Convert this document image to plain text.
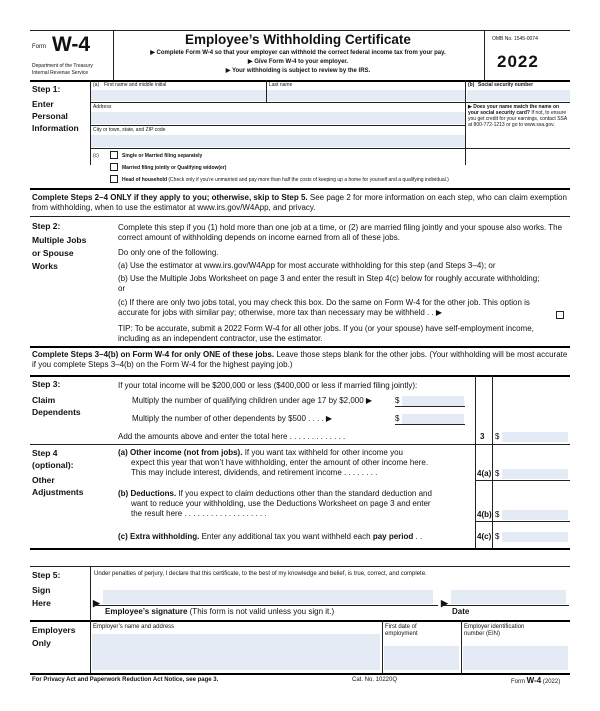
Form W-4
Department of the Treasury
Internal Revenue Service
Employee’s Withholding Certificate
▶ Complete Form W-4 so that your employer can withhold the correct federal income tax from your pay.
▶ Give Form W-4 to your employer.
▶ Your withholding is subject to review by the IRS.
OMB No. 1545-0074
2022
Step 1:
Enter
Personal
Information
(a) First name and middle initial	Last name	(b) Social security number
Address
City or town, state, and ZIP code
▶ Does your name match the name on your social security card? If not, to ensure you get credit for your earnings, contact SSA at 800-772-1213 or go to www.ssa.gov.
(c)	Single or Married filing separately
Married filing jointly or Qualifying widow(er)
Head of household (Check only if you’re unmarried and pay more than half the costs of keeping up a home for yourself and a qualifying individual.)
Complete Steps 2–4 ONLY if they apply to you; otherwise, skip to Step 5. See page 2 for more information on each step, who can claim exemption from withholding, when to use the estimator at www.irs.gov/W4App, and privacy.
Step 2:
Multiple Jobs
or Spouse
Works
Complete this step if you (1) hold more than one job at a time, or (2) are married filing jointly and your spouse also works. The correct amount of withholding depends on income earned from all of these jobs.
Do only one of the following.
(a) Use the estimator at www.irs.gov/W4App for most accurate withholding for this step (and Steps 3–4); or
(b) Use the Multiple Jobs Worksheet on page 3 and enter the result in Step 4(c) below for roughly accurate withholding; or
(c) If there are only two jobs total, you may check this box. Do the same on Form W-4 for the other job. This option is accurate for jobs with similar pay; otherwise, more tax than necessary may be withheld . . ▶
TIP: To be accurate, submit a 2022 Form W-4 for all other jobs. If you (or your spouse) have self-employment income, including as an independent contractor, use the estimator.
Complete Steps 3–4(b) on Form W-4 for only ONE of these jobs. Leave those steps blank for the other jobs. (Your withholding will be most accurate if you complete Steps 3–4(b) on the Form W-4 for the highest paying job.)
Step 3:
Claim
Dependents
If your total income will be $200,000 or less ($400,000 or less if married filing jointly):
Multiply the number of qualifying children under age 17 by $2,000 ▶	$
Multiply the number of other dependents by $500 . . . . ▶	$
Add the amounts above and enter the total here . . . . . . . . . . . . .	3 $
Step 4
(optional):
Other
Adjustments
(a) Other income (not from jobs). If you want tax withheld for other income you
expect this year that won’t have withholding, enter the amount of other income here.
This may include interest, dividends, and retirement income . . . . . . . .	4(a) $
(b) Deductions. If you expect to claim deductions other than the standard deduction and
want to reduce your withholding, use the Deductions Worksheet on page 3 and enter
the result here . . . . . . . . . . . . . . . . . . .	4(b) $
(c) Extra withholding. Enter any additional tax you want withheld each pay period . .	4(c) $
Step 5:
Sign
Here
Under penalties of perjury, I declare that this certificate, to the best of my knowledge and belief, is true, correct, and complete.
▶
Employee’s signature (This form is not valid unless you sign it.)
▶
Date
Employers
Only
Employer’s name and address	First date of
employment
Employer identification
number (EIN)
For Privacy Act and Paperwork Reduction Act Notice, see page 3.	Cat. No. 10220Q	Form W-4 (2022)
